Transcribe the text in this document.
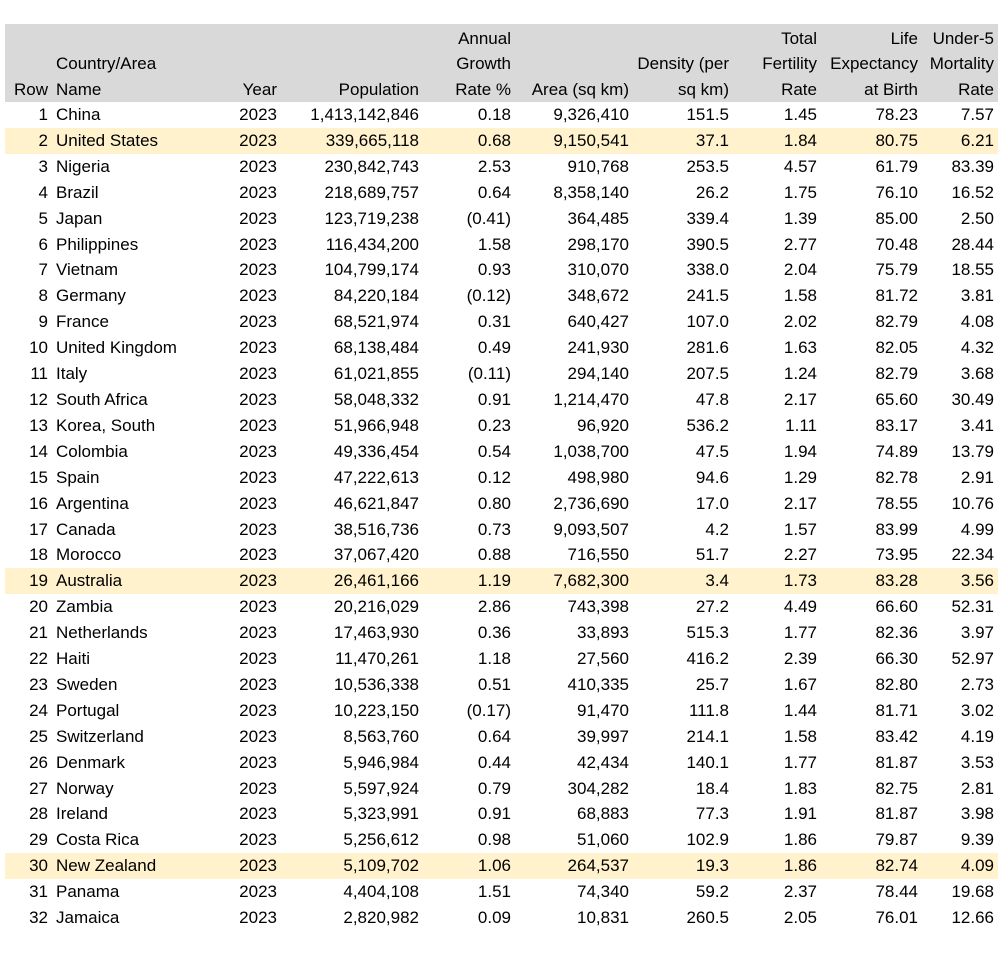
Row	Country/Area Name	Year	Population	Annual Growth Rate %	Area (sq km)	Density (per sq km)	Total Fertility Rate	Life Expectancy at Birth	Under-5 Mortality Rate
1	China	2023	1,413,142,846	0.18	9,326,410	151.5	1.45	78.23	7.57
2	United States	2023	339,665,118	0.68	9,150,541	37.1	1.84	80.75	6.21
3	Nigeria	2023	230,842,743	2.53	910,768	253.5	4.57	61.79	83.39
4	Brazil	2023	218,689,757	0.64	8,358,140	26.2	1.75	76.10	16.52
5	Japan	2023	123,719,238	(0.41)	364,485	339.4	1.39	85.00	2.50
6	Philippines	2023	116,434,200	1.58	298,170	390.5	2.77	70.48	28.44
7	Vietnam	2023	104,799,174	0.93	310,070	338.0	2.04	75.79	18.55
8	Germany	2023	84,220,184	(0.12)	348,672	241.5	1.58	81.72	3.81
9	France	2023	68,521,974	0.31	640,427	107.0	2.02	82.79	4.08
10	United Kingdom	2023	68,138,484	0.49	241,930	281.6	1.63	82.05	4.32
11	Italy	2023	61,021,855	(0.11)	294,140	207.5	1.24	82.79	3.68
12	South Africa	2023	58,048,332	0.91	1,214,470	47.8	2.17	65.60	30.49
13	Korea, South	2023	51,966,948	0.23	96,920	536.2	1.11	83.17	3.41
14	Colombia	2023	49,336,454	0.54	1,038,700	47.5	1.94	74.89	13.79
15	Spain	2023	47,222,613	0.12	498,980	94.6	1.29	82.78	2.91
16	Argentina	2023	46,621,847	0.80	2,736,690	17.0	2.17	78.55	10.76
17	Canada	2023	38,516,736	0.73	9,093,507	4.2	1.57	83.99	4.99
18	Morocco	2023	37,067,420	0.88	716,550	51.7	2.27	73.95	22.34
19	Australia	2023	26,461,166	1.19	7,682,300	3.4	1.73	83.28	3.56
20	Zambia	2023	20,216,029	2.86	743,398	27.2	4.49	66.60	52.31
21	Netherlands	2023	17,463,930	0.36	33,893	515.3	1.77	82.36	3.97
22	Haiti	2023	11,470,261	1.18	27,560	416.2	2.39	66.30	52.97
23	Sweden	2023	10,536,338	0.51	410,335	25.7	1.67	82.80	2.73
24	Portugal	2023	10,223,150	(0.17)	91,470	111.8	1.44	81.71	3.02
25	Switzerland	2023	8,563,760	0.64	39,997	214.1	1.58	83.42	4.19
26	Denmark	2023	5,946,984	0.44	42,434	140.1	1.77	81.87	3.53
27	Norway	2023	5,597,924	0.79	304,282	18.4	1.83	82.75	2.81
28	Ireland	2023	5,323,991	0.91	68,883	77.3	1.91	81.87	3.98
29	Costa Rica	2023	5,256,612	0.98	51,060	102.9	1.86	79.87	9.39
30	New Zealand	2023	5,109,702	1.06	264,537	19.3	1.86	82.74	4.09
31	Panama	2023	4,404,108	1.51	74,340	59.2	2.37	78.44	19.68
32	Jamaica	2023	2,820,982	0.09	10,831	260.5	2.05	76.01	12.66
